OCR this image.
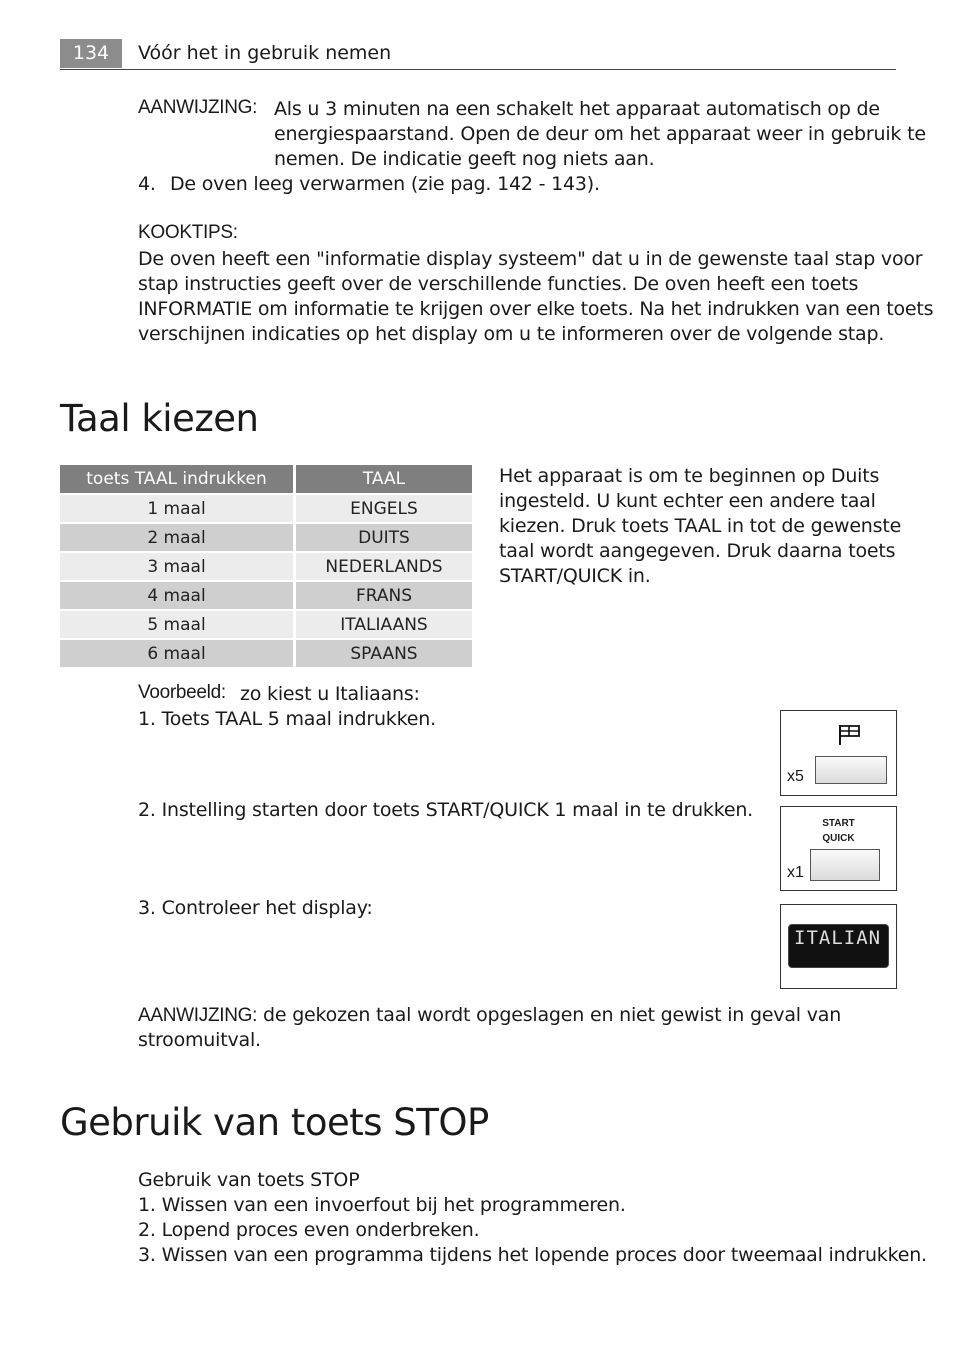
134	Vóór het in gebruik nemen
AANWIJZING: Als u 3 minuten na een schakelt het apparaat automatisch op de
energiespaarstand. Open de deur om het apparaat weer in gebruik te
nemen. De indicatie geeft nog niets aan.
4. De oven leeg verwarmen (zie pag. 142 - 143).
KOOKTIPS:
De oven heeft een "informatie display systeem" dat u in de gewenste taal stap voor
stap instructies geeft over de verschillende functies. De oven heeft een toets
INFORMATIE om informatie te krijgen over elke toets. Na het indrukken van een toets
verschijnen indicaties op het display om u te informeren over de volgende stap.
Taal kiezen
toets TAAL indrukken	TAAL
1 maal	ENGELS
2 maal	DUITS
3 maal	NEDERLANDS
4 maal	FRANS
5 maal	ITALIAANS
6 maal	SPAANS
Het apparaat is om te beginnen op Duits
ingesteld. U kunt echter een andere taal
kiezen. Druk toets TAAL in tot de gewenste
taal wordt aangegeven. Druk daarna toets
START/QUICK in.
Voorbeeld: zo kiest u Italiaans:
1. Toets TAAL 5 maal indrukken.
2. Instelling starten door toets START/QUICK 1 maal in te drukken.
3. Controleer het display:
x5
START
QUICK
x1
ITALIAN
AANWIJZING: de gekozen taal wordt opgeslagen en niet gewist in geval van
stroomuitval.
Gebruik van toets STOP
Gebruik van toets STOP
1. Wissen van een invoerfout bij het programmeren.
2. Lopend proces even onderbreken.
3. Wissen van een programma tijdens het lopende proces door tweemaal indrukken.
